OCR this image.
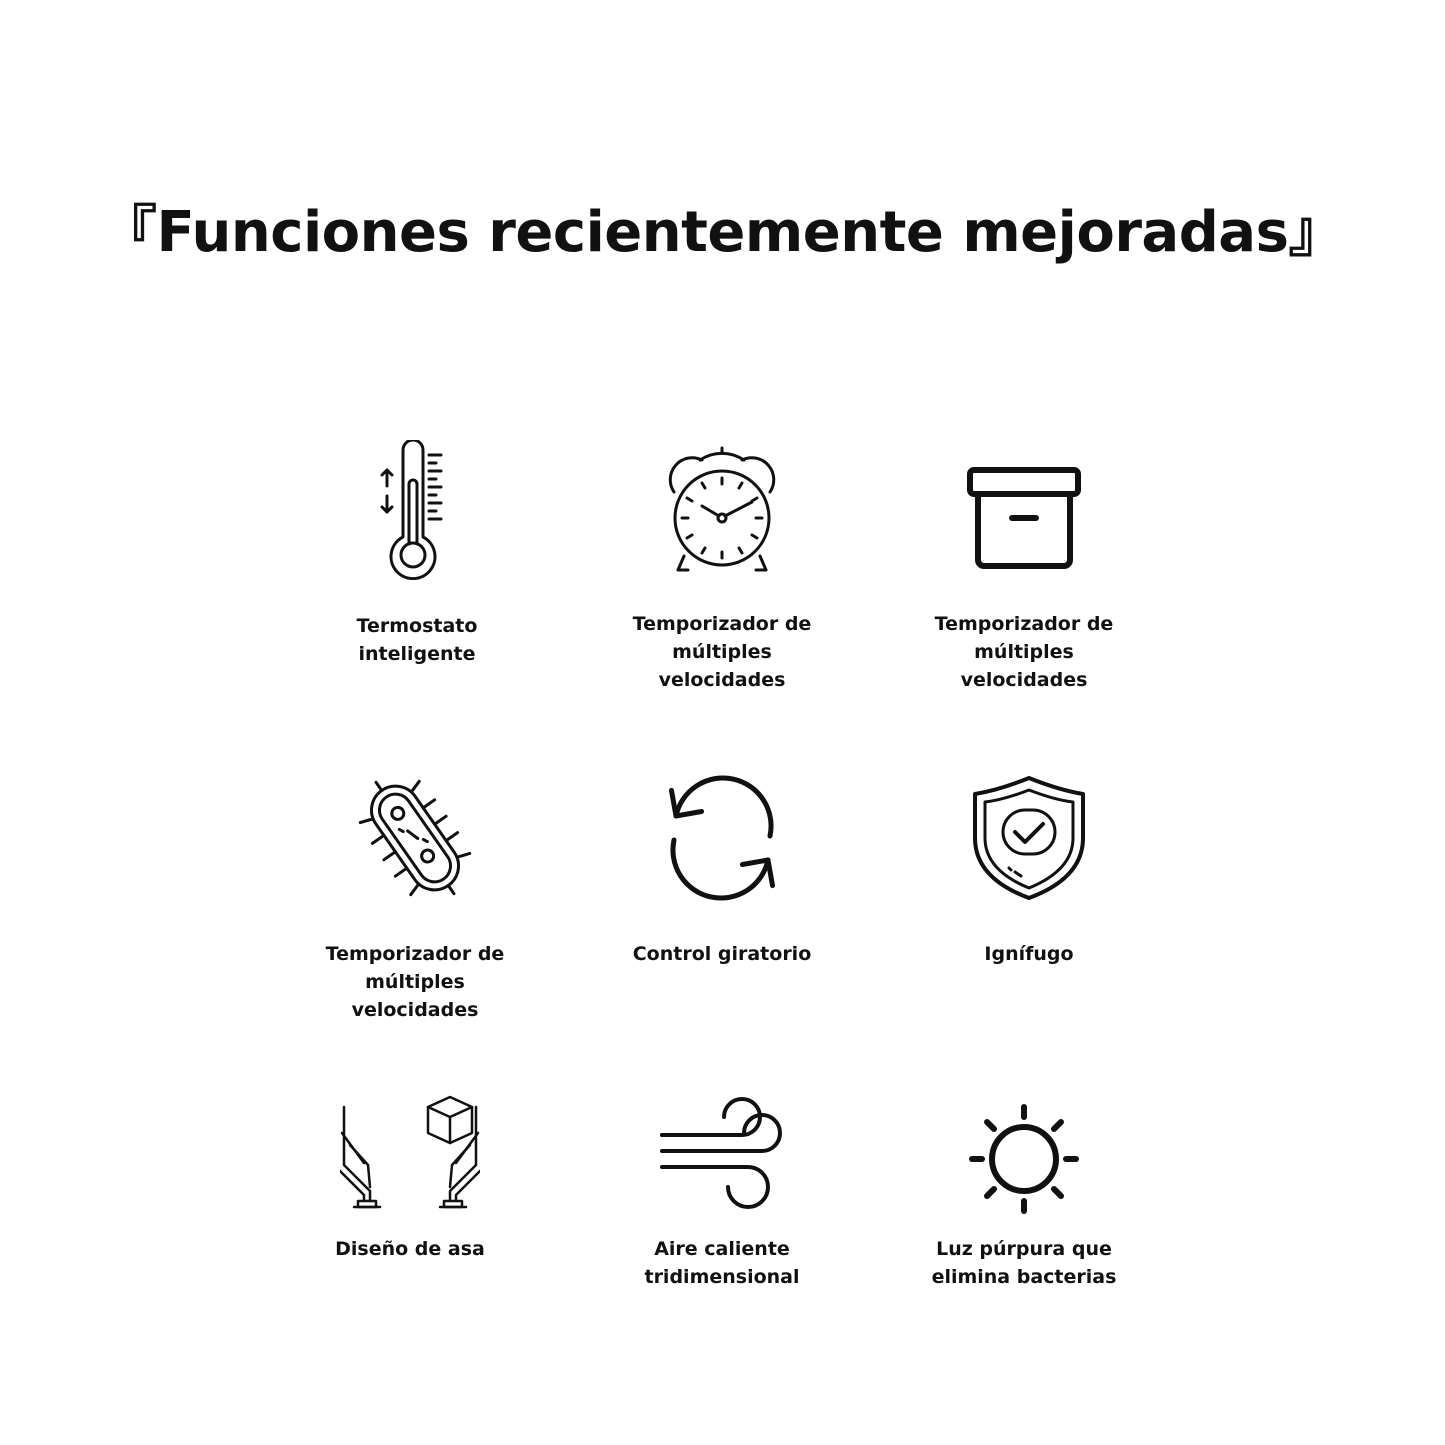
『Funciones recientemente mejoradas』
Termostato
inteligente
Temporizador de
múltiples
velocidades
Temporizador de
múltiples
velocidades
Temporizador de
múltiples
velocidades
Control giratorio	Ignífugo
Diseño de asa	Aire caliente
tridimensional
Luz púrpura que
elimina bacterias
